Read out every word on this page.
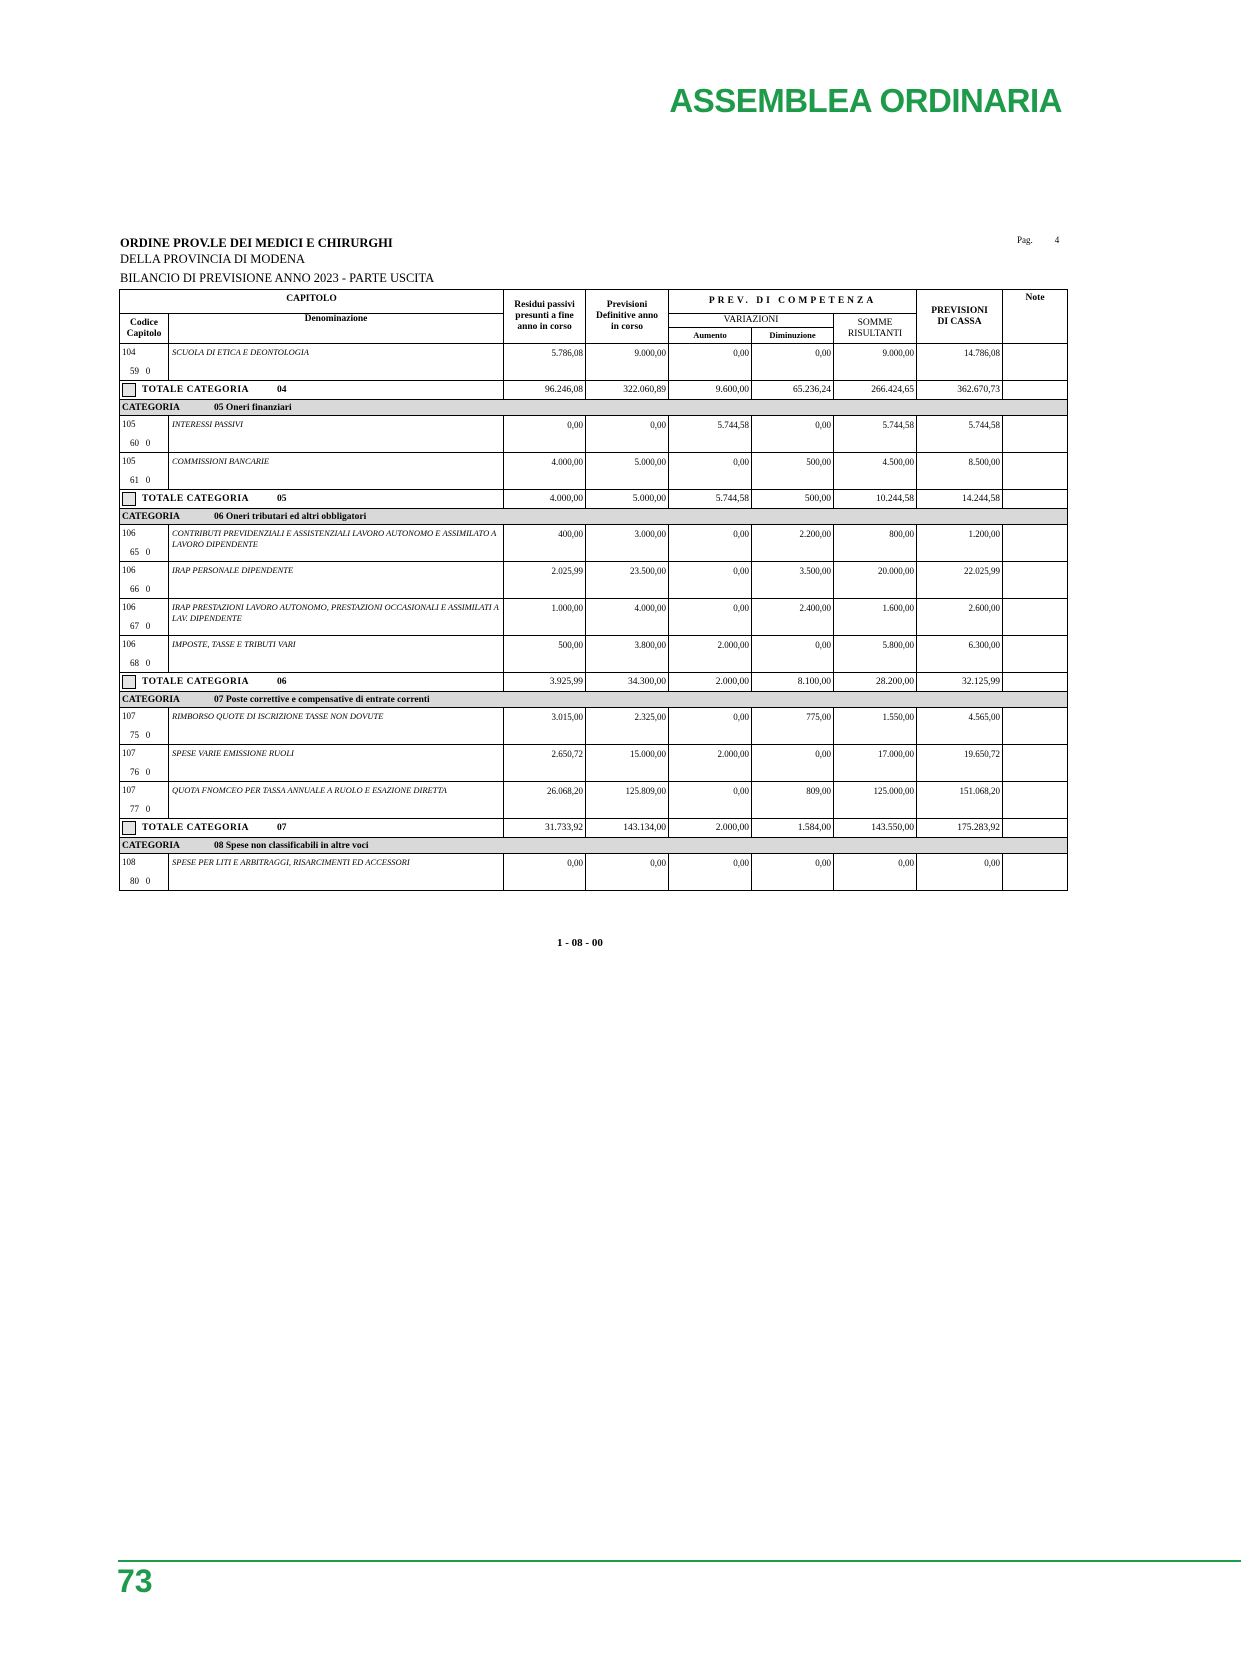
ASSEMBLEA ORDINARIA
ORDINE PROV.LE DEI MEDICI E CHIRURGHI
DELLA PROVINCIA DI MODENA
BILANCIO DI PREVISIONE ANNO 2023 - PARTE USCITA
Pag. 4
CAPITOLO		Residui passivi
presunti a fine
anno in corso	Previsioni
Definitive anno
in corso	PREV. DI COMPETENZA			PREVISIONI
DI CASSA	Note
Codice
Capitolo	Denominazione			VARIAZIONI		SOMME
RISULTANTI		
				Aumento	Diminuzione			

104
59   0	SCUOLA DI ETICA E DEONTOLOGIA	5.786,08	9.000,00	0,00	0,00	9.000,00	14.786,08	
TOTALE CATEGORIA 04		96.246,08	322.060,89	9.600,00	65.236,24	266.424,65	362.670,73	
CATEGORIA 05 Oneri finanziari								

105
60   0	INTERESSI PASSIVI	0,00	0,00	5.744,58	0,00	5.744,58	5.744,58	

105
61   0	COMMISSIONI BANCARIE	4.000,00	5.000,00	0,00	500,00	4.500,00	8.500,00	
TOTALE CATEGORIA 05		4.000,00	5.000,00	5.744,58	500,00	10.244,58	14.244,58	
CATEGORIA 06 Oneri tributari ed altri obbligatori								

106
65   0	CONTRIBUTI PREVIDENZIALI E ASSISTENZIALI LAVORO AUTONOMO E ASSIMILATO A LAVORO DIPENDENTE	400,00	3.000,00	0,00	2.200,00	800,00	1.200,00	

106
66   0	IRAP PERSONALE DIPENDENTE	2.025,99	23.500,00	0,00	3.500,00	20.000,00	22.025,99	

106
67   0	IRAP PRESTAZIONI LAVORO AUTONOMO, PRESTAZIONI OCCASIONALI E ASSIMILATI A LAV. DIPENDENTE	1.000,00	4.000,00	0,00	2.400,00	1.600,00	2.600,00	

106
68   0	IMPOSTE, TASSE E TRIBUTI VARI	500,00	3.800,00	2.000,00	0,00	5.800,00	6.300,00	
TOTALE CATEGORIA 06		3.925,99	34.300,00	2.000,00	8.100,00	28.200,00	32.125,99	
CATEGORIA 07 Poste correttive e compensative di entrate correnti								

107
75   0	RIMBORSO QUOTE DI ISCRIZIONE TASSE NON DOVUTE	3.015,00	2.325,00	0,00	775,00	1.550,00	4.565,00	

107
76   0	SPESE VARIE EMISSIONE RUOLI	2.650,72	15.000,00	2.000,00	0,00	17.000,00	19.650,72	

107
77   0	QUOTA FNOMCEO PER TASSA ANNUALE A RUOLO E ESAZIONE DIRETTA	26.068,20	125.809,00	0,00	809,00	125.000,00	151.068,20	
TOTALE CATEGORIA 07		31.733,92	143.134,00	2.000,00	1.584,00	143.550,00	175.283,92	
CATEGORIA 08 Spese non classificabili in altre voci								

108
80   0	SPESE PER LITI E ARBITRAGGI, RISARCIMENTI ED ACCESSORI	0,00	0,00	0,00	0,00	0,00	0,00	
1 - 08 - 00
73
